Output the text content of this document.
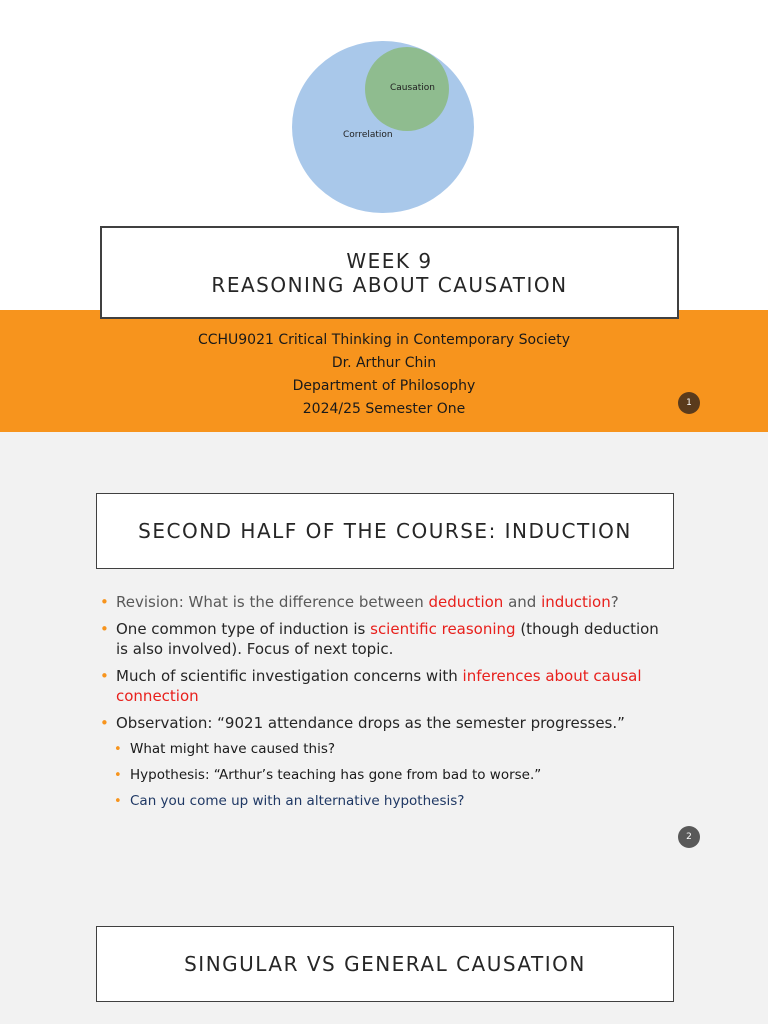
Causation
Correlation
WEEK 9
REASONING ABOUT CAUSATION
CCHU9021 Critical Thinking in Contemporary Society
Dr. Arthur Chin
Department of Philosophy
2024/25 Semester One	1
SECOND HALF OF THE COURSE: INDUCTION
• Revision: What is the difference between deduction and induction?
• One common type of induction is scientific reasoning (though deduction is also involved). Focus of next topic.
• Much of scientific investigation concerns with inferences about causal connection
• Observation: “9021 attendance drops as the semester progresses.”
• What might have caused this?
• Hypothesis: “Arthur’s teaching has gone from bad to worse.”
• Can you come up with an alternative hypothesis?
2
SINGULAR VS GENERAL CAUSATION
